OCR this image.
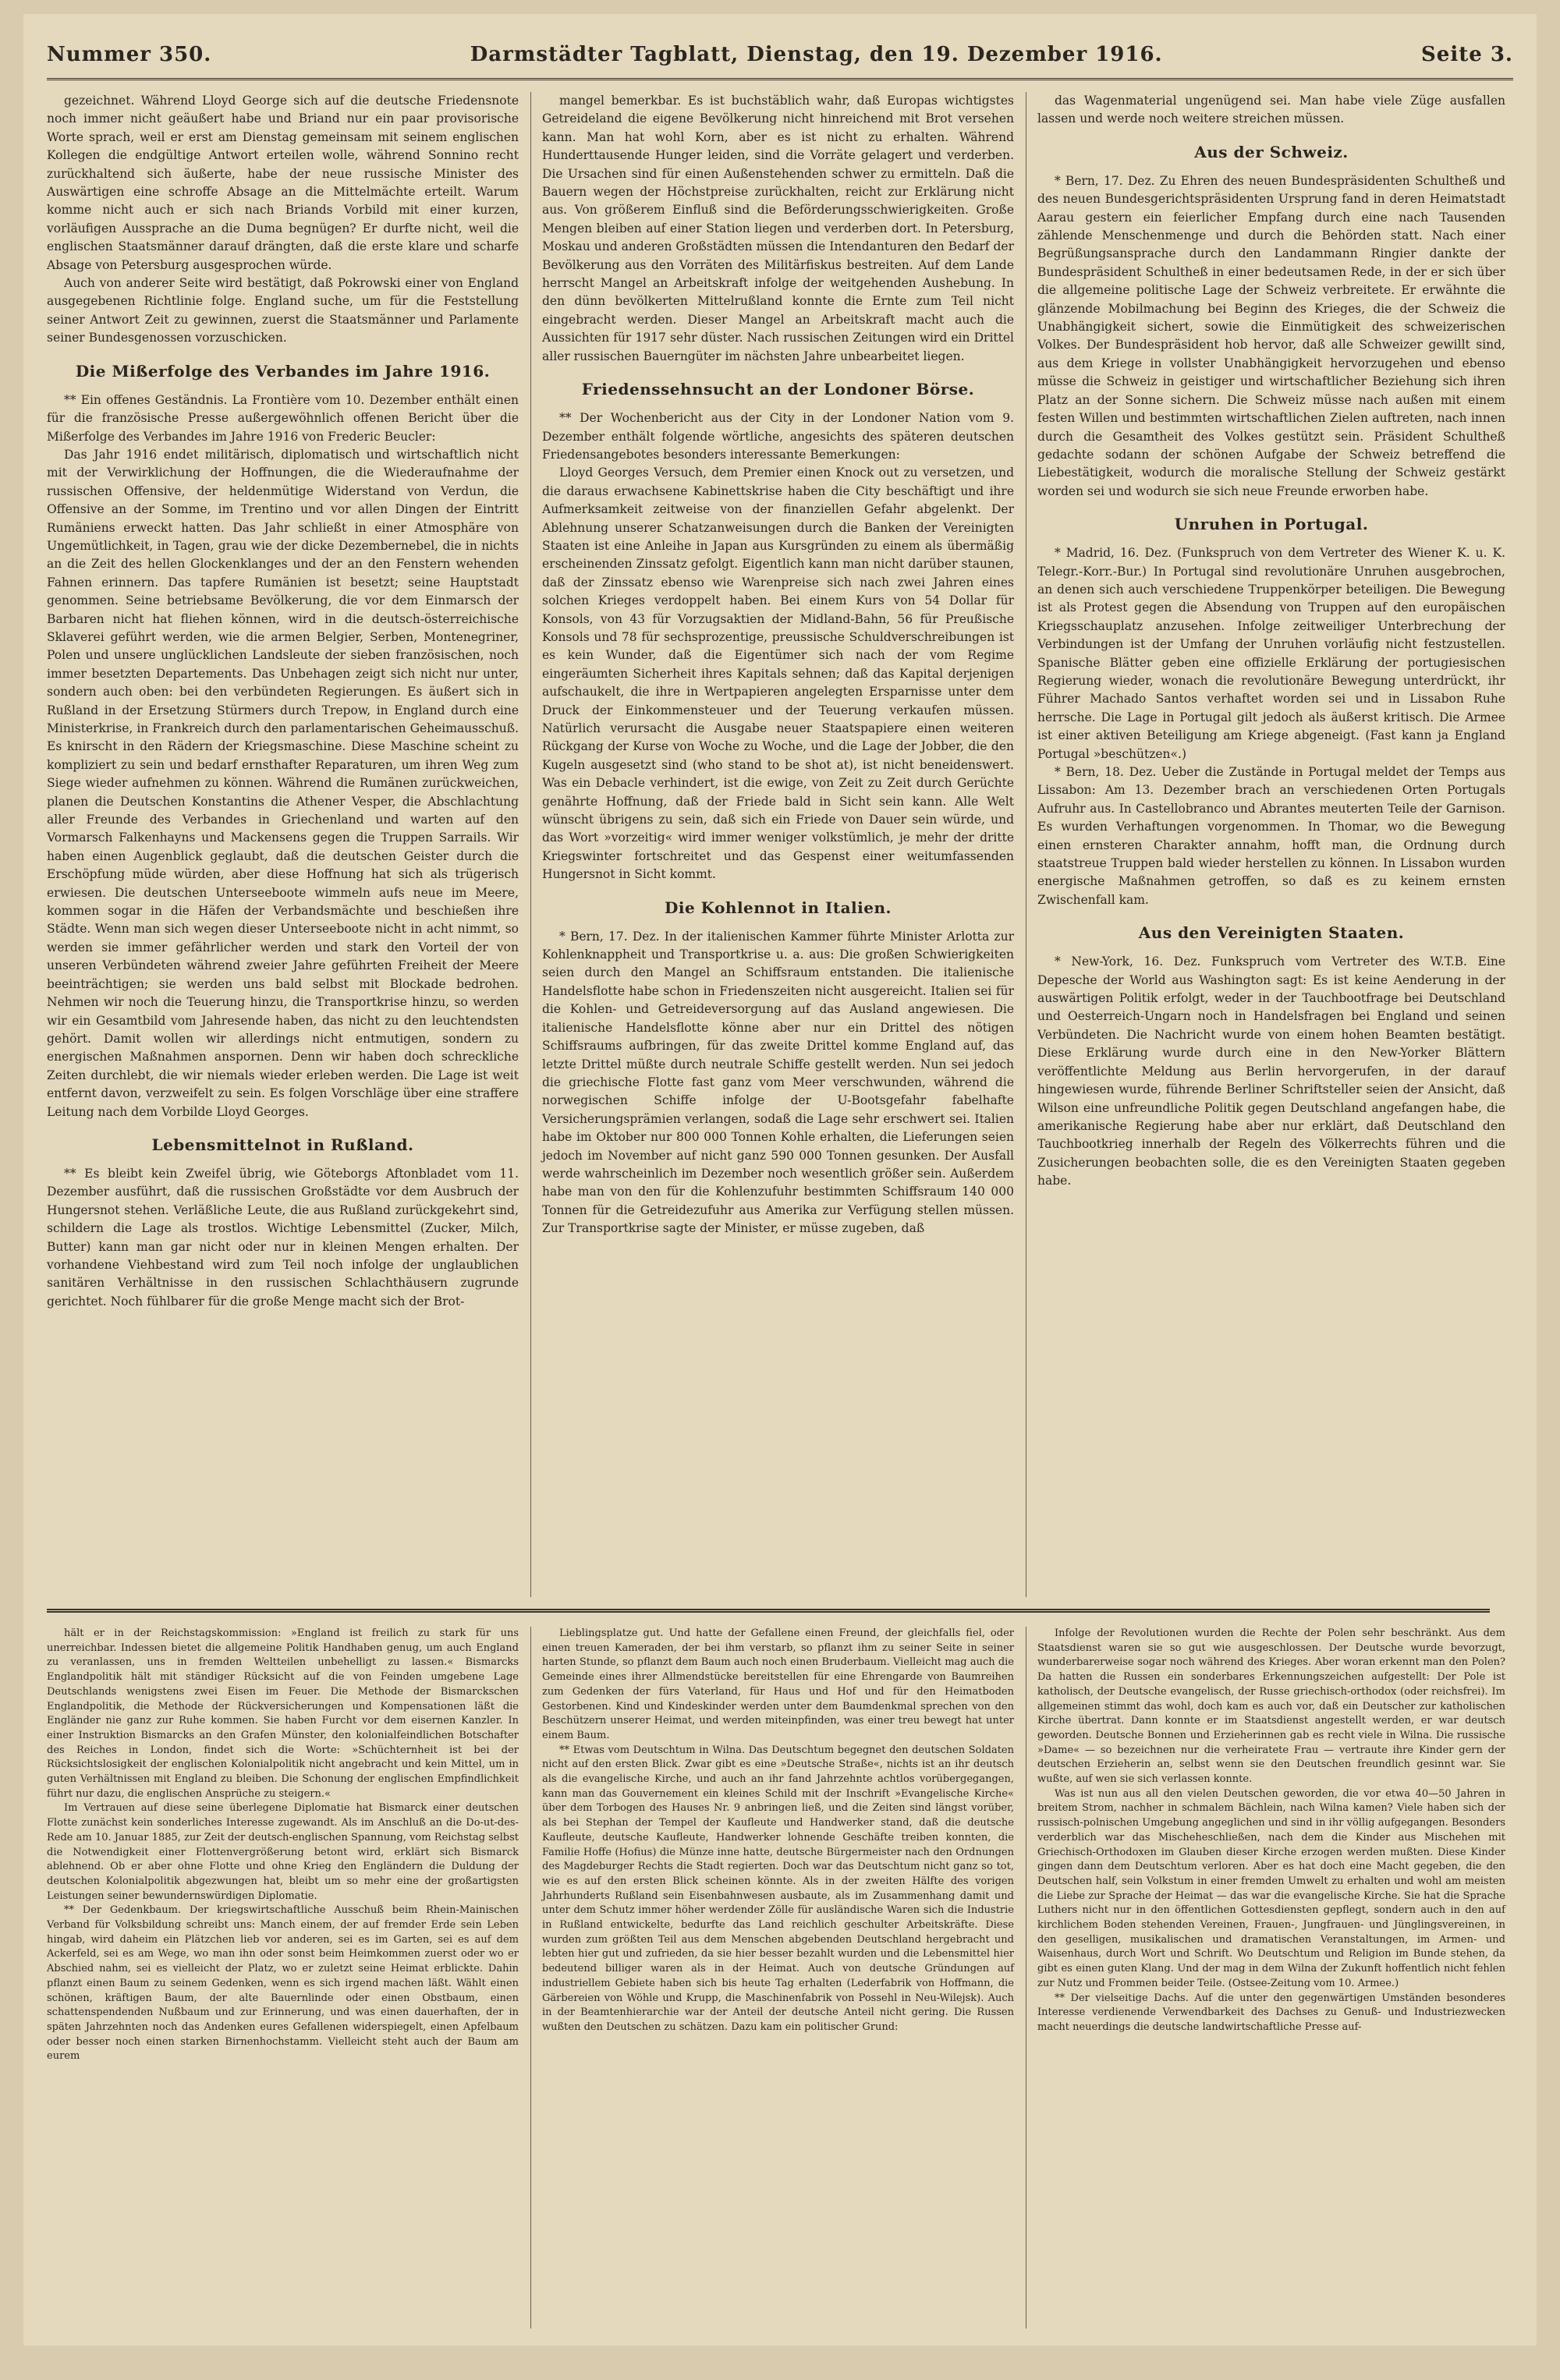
Nummer 350.	Darmstädter Tagblatt, Dienstag, den 19. Dezember 1916.	Seite 3.

gezeichnet. Während Lloyd George sich auf die deutsche Friedensnote noch immer nicht geäußert habe und Briand nur ein paar provisorische Worte sprach, weil er erst am Dienstag gemeinsam mit seinem englischen Kollegen die endgültige Antwort erteilen wolle, während Sonnino recht zurückhaltend sich äußerte, habe der neue russische Minister des Auswärtigen eine schroffe Absage an die Mittelmächte erteilt. Warum komme nicht auch er sich nach Briands Vorbild mit einer kurzen, vorläufigen Aussprache an die Duma begnügen? Er durfte nicht, weil die englischen Staatsmänner darauf drängten, daß die erste klare und scharfe Absage von Petersburg ausgesprochen würde.

Auch von anderer Seite wird bestätigt, daß Pokrowski einer von England ausgegebenen Richtlinie folge. England suche, um für die Feststellung seiner Antwort Zeit zu gewinnen, zuerst die Staatsmänner und Parlamente seiner Bundesgenossen vorzuschicken.

Die Mißerfolge des Verbandes im Jahre 1916.

** Ein offenes Geständnis. La Frontière vom 10. Dezember enthält einen für die französische Presse außergewöhnlich offenen Bericht über die Mißerfolge des Verbandes im Jahre 1916 von Frederic Beucler:

Das Jahr 1916 endet militärisch, diplomatisch und wirtschaftlich nicht mit der Verwirklichung der Hoffnungen, die die Wiederaufnahme der russischen Offensive, der heldenmütige Widerstand von Verdun, die Offensive an der Somme, im Trentino und vor allen Dingen der Eintritt Rumäniens erweckt hatten. Das Jahr schließt in einer Atmosphäre von Ungemütlichkeit, in Tagen, grau wie der dicke Dezembernebel, die in nichts an die Zeit des hellen Glockenklanges und der an den Fenstern wehenden Fahnen erinnern. Das tapfere Rumänien ist besetzt; seine Hauptstadt genommen. Seine betriebsame Bevölkerung, die vor dem Einmarsch der Barbaren nicht hat fliehen können, wird in die deutsch-österreichische Sklaverei geführt werden, wie die armen Belgier, Serben, Montenegriner, Polen und unsere unglücklichen Landsleute der sieben französischen, noch immer besetzten Departements. Das Unbehagen zeigt sich nicht nur unter, sondern auch oben: bei den verbündeten Regierungen. Es äußert sich in Rußland in der Ersetzung Stürmers durch Trepow, in England durch eine Ministerkrise, in Frankreich durch den parlamentarischen Geheimausschuß. Es knirscht in den Rädern der Kriegsmaschine. Diese Maschine scheint zu kompliziert zu sein und bedarf ernsthafter Reparaturen, um ihren Weg zum Siege wieder aufnehmen zu können. Während die Rumänen zurückweichen, planen die Deutschen Konstantins die Athener Vesper, die Abschlachtung aller Freunde des Verbandes in Griechenland und warten auf den Vormarsch Falkenhayns und Mackensens gegen die Truppen Sarrails. Wir haben einen Augenblick geglaubt, daß die deutschen Geister durch die Erschöpfung müde würden, aber diese Hoffnung hat sich als trügerisch erwiesen. Die deutschen Unterseeboote wimmeln aufs neue im Meere, kommen sogar in die Häfen der Verbandsmächte und beschießen ihre Städte. Wenn man sich wegen dieser Unterseeboote nicht in acht nimmt, so werden sie immer gefährlicher werden und stark den Vorteil der von unseren Verbündeten während zweier Jahre geführten Freiheit der Meere beeinträchtigen; sie werden uns bald selbst mit Blockade bedrohen. Nehmen wir noch die Teuerung hinzu, die Transportkrise hinzu, so werden wir ein Gesamtbild vom Jahresende haben, das nicht zu den leuchtendsten gehört. Damit wollen wir allerdings nicht entmutigen, sondern zu energischen Maßnahmen anspornen. Denn wir haben doch schreckliche Zeiten durchlebt, die wir niemals wieder erleben werden. Die Lage ist weit entfernt davon, verzweifelt zu sein. Es folgen Vorschläge über eine straffere Leitung nach dem Vorbilde Lloyd Georges.

Lebensmittelnot in Rußland.

** Es bleibt kein Zweifel übrig, wie Göteborgs Aftonbladet vom 11. Dezember ausführt, daß die russischen Großstädte vor dem Ausbruch der Hungersnot stehen. Verläßliche Leute, die aus Rußland zurückgekehrt sind, schildern die Lage als trostlos. Wichtige Lebensmittel (Zucker, Milch, Butter) kann man gar nicht oder nur in kleinen Mengen erhalten. Der vorhandene Viehbestand wird zum Teil noch infolge der unglaublichen sanitären Verhältnisse in den russischen Schlachthäusern zugrunde gerichtet. Noch fühlbarer für die große Menge macht sich der Brot-

mangel bemerkbar. Es ist buchstäblich wahr, daß Europas wichtigstes Getreideland die eigene Bevölkerung nicht hinreichend mit Brot versehen kann. Man hat wohl Korn, aber es ist nicht zu erhalten. Während Hunderttausende Hunger leiden, sind die Vorräte gelagert und verderben. Die Ursachen sind für einen Außenstehenden schwer zu ermitteln. Daß die Bauern wegen der Höchstpreise zurückhalten, reicht zur Erklärung nicht aus. Von größerem Einfluß sind die Beförderungsschwierigkeiten. Große Mengen bleiben auf einer Station liegen und verderben dort. In Petersburg, Moskau und anderen Großstädten müssen die Intendanturen den Bedarf der Bevölkerung aus den Vorräten des Militärfiskus bestreiten. Auf dem Lande herrscht Mangel an Arbeitskraft infolge der weitgehenden Aushebung. In den dünn bevölkerten Mittelrußland konnte die Ernte zum Teil nicht eingebracht werden. Dieser Mangel an Arbeitskraft macht auch die Aussichten für 1917 sehr düster. Nach russischen Zeitungen wird ein Drittel aller russischen Bauerngüter im nächsten Jahre unbearbeitet liegen.

Friedenssehnsucht an der Londoner Börse.

** Der Wochenbericht aus der City in der Londoner Nation vom 9. Dezember enthält folgende wörtliche, angesichts des späteren deutschen Friedensangebotes besonders interessante Bemerkungen:

Lloyd Georges Versuch, dem Premier einen Knock out zu versetzen, und die daraus erwachsene Kabinettskrise haben die City beschäftigt und ihre Aufmerksamkeit zeitweise von der finanziellen Gefahr abgelenkt. Der Ablehnung unserer Schatzanweisungen durch die Banken der Vereinigten Staaten ist eine Anleihe in Japan aus Kursgründen zu einem als übermäßig erscheinenden Zinssatz gefolgt. Eigentlich kann man nicht darüber staunen, daß der Zinssatz ebenso wie Warenpreise sich nach zwei Jahren eines solchen Krieges verdoppelt haben. Bei einem Kurs von 54 Dollar für Konsols, von 43 für Vorzugsaktien der Midland-Bahn, 56 für Preußische Konsols und 78 für sechsprozentige, preussische Schuldverschreibungen ist es kein Wunder, daß die Eigentümer sich nach der vom Regime eingeräumten Sicherheit ihres Kapitals sehnen; daß das Kapital derjenigen aufschaukelt, die ihre in Wertpapieren angelegten Ersparnisse unter dem Druck der Einkommensteuer und der Teuerung verkaufen müssen. Natürlich verursacht die Ausgabe neuer Staatspapiere einen weiteren Rückgang der Kurse von Woche zu Woche, und die Lage der Jobber, die den Kugeln ausgesetzt sind (who stand to be shot at), ist nicht beneidenswert. Was ein Debacle verhindert, ist die ewige, von Zeit zu Zeit durch Gerüchte genährte Hoffnung, daß der Friede bald in Sicht sein kann. Alle Welt wünscht übrigens zu sein, daß sich ein Friede von Dauer sein würde, und das Wort »vorzeitig« wird immer weniger volkstümlich, je mehr der dritte Kriegswinter fortschreitet und das Gespenst einer weitumfassenden Hungersnot in Sicht kommt.

Die Kohlennot in Italien.

* Bern, 17. Dez. In der italienischen Kammer führte Minister Arlotta zur Kohlenknappheit und Transportkrise u. a. aus: Die großen Schwierigkeiten seien durch den Mangel an Schiffsraum entstanden. Die italienische Handelsflotte habe schon in Friedenszeiten nicht ausgereicht. Italien sei für die Kohlen- und Getreideversorgung auf das Ausland angewiesen. Die italienische Handelsflotte könne aber nur ein Drittel des nötigen Schiffsraums aufbringen, für das zweite Drittel komme England auf, das letzte Drittel müßte durch neutrale Schiffe gestellt werden. Nun sei jedoch die griechische Flotte fast ganz vom Meer verschwunden, während die norwegischen Schiffe infolge der U-Bootsgefahr fabelhafte Versicherungsprämien verlangen, sodaß die Lage sehr erschwert sei. Italien habe im Oktober nur 800 000 Tonnen Kohle erhalten, die Lieferungen seien jedoch im November auf nicht ganz 590 000 Tonnen gesunken. Der Ausfall werde wahrscheinlich im Dezember noch wesentlich größer sein. Außerdem habe man von den für die Kohlenzufuhr bestimmten Schiffsraum 140 000 Tonnen für die Getreidezufuhr aus Amerika zur Verfügung stellen müssen. Zur Transportkrise sagte der Minister, er müsse zugeben, daß

das Wagenmaterial ungenügend sei. Man habe viele Züge ausfallen lassen und werde noch weitere streichen müssen.

Aus der Schweiz.

* Bern, 17. Dez. Zu Ehren des neuen Bundespräsidenten Schultheß und des neuen Bundesgerichtspräsidenten Ursprung fand in deren Heimatstadt Aarau gestern ein feierlicher Empfang durch eine nach Tausenden zählende Menschenmenge und durch die Behörden statt. Nach einer Begrüßungsansprache durch den Landammann Ringier dankte der Bundespräsident Schultheß in einer bedeutsamen Rede, in der er sich über die allgemeine politische Lage der Schweiz verbreitete. Er erwähnte die glänzende Mobilmachung bei Beginn des Krieges, die der Schweiz die Unabhängigkeit sichert, sowie die Einmütigkeit des schweizerischen Volkes. Der Bundespräsident hob hervor, daß alle Schweizer gewillt sind, aus dem Kriege in vollster Unabhängigkeit hervorzugehen und ebenso müsse die Schweiz in geistiger und wirtschaftlicher Beziehung sich ihren Platz an der Sonne sichern. Die Schweiz müsse nach außen mit einem festen Willen und bestimmten wirtschaftlichen Zielen auftreten, nach innen durch die Gesamtheit des Volkes gestützt sein. Präsident Schultheß gedachte sodann der schönen Aufgabe der Schweiz betreffend die Liebestätigkeit, wodurch die moralische Stellung der Schweiz gestärkt worden sei und wodurch sie sich neue Freunde erworben habe.

Unruhen in Portugal.

* Madrid, 16. Dez. (Funkspruch von dem Vertreter des Wiener K. u. K. Telegr.-Korr.-Bur.) In Portugal sind revolutionäre Unruhen ausgebrochen, an denen sich auch verschiedene Truppenkörper beteiligen. Die Bewegung ist als Protest gegen die Absendung von Truppen auf den europäischen Kriegsschauplatz anzusehen. Infolge zeitweiliger Unterbrechung der Verbindungen ist der Umfang der Unruhen vorläufig nicht festzustellen. Spanische Blätter geben eine offizielle Erklärung der portugiesischen Regierung wieder, wonach die revolutionäre Bewegung unterdrückt, ihr Führer Machado Santos verhaftet worden sei und in Lissabon Ruhe herrsche. Die Lage in Portugal gilt jedoch als äußerst kritisch. Die Armee ist einer aktiven Beteiligung am Kriege abgeneigt. (Fast kann ja England Portugal »beschützen«.)

* Bern, 18. Dez. Ueber die Zustände in Portugal meldet der Temps aus Lissabon: Am 13. Dezember brach an verschiedenen Orten Portugals Aufruhr aus. In Castellobranco und Abrantes meuterten Teile der Garnison. Es wurden Verhaftungen vorgenommen. In Thomar, wo die Bewegung einen ernsteren Charakter annahm, hofft man, die Ordnung durch staatstreue Truppen bald wieder herstellen zu können. In Lissabon wurden energische Maßnahmen getroffen, so daß es zu keinem ernsten Zwischenfall kam.

Aus den Vereinigten Staaten.

* New-York, 16. Dez. Funkspruch vom Vertreter des W.T.B. Eine Depesche der World aus Washington sagt: Es ist keine Aenderung in der auswärtigen Politik erfolgt, weder in der Tauchbootfrage bei Deutschland und Oesterreich-Ungarn noch in Handelsfragen bei England und seinen Verbündeten. Die Nachricht wurde von einem hohen Beamten bestätigt. Diese Erklärung wurde durch eine in den New-Yorker Blättern veröffentlichte Meldung aus Berlin hervorgerufen, in der darauf hingewiesen wurde, führende Berliner Schriftsteller seien der Ansicht, daß Wilson eine unfreundliche Politik gegen Deutschland angefangen habe, die amerikanische Regierung habe aber nur erklärt, daß Deutschland den Tauchbootkrieg innerhalb der Regeln des Völkerrechts führen und die Zusicherungen beobachten solle, die es den Vereinigten Staaten gegeben habe.

hält er in der Reichstagskommission: »England ist freilich zu stark für uns unerreichbar. Indessen bietet die allgemeine Politik Handhaben genug, um auch England zu veranlassen, uns in fremden Weltteilen unbehelligt zu lassen.« Bismarcks Englandpolitik hält mit ständiger Rücksicht auf die von Feinden umgebene Lage Deutschlands wenigstens zwei Eisen im Feuer. Die Methode der Bismarckschen Englandpolitik, die Methode der Rückversicherungen und Kompensationen läßt die Engländer nie ganz zur Ruhe kommen. Sie haben Furcht vor dem eisernen Kanzler. In einer Instruktion Bismarcks an den Grafen Münster, den kolonialfeindlichen Botschafter des Reiches in London, findet sich die Worte: »Schüchternheit ist bei der Rücksichtslosigkeit der englischen Kolonialpolitik nicht angebracht und kein Mittel, um in guten Verhältnissen mit England zu bleiben. Die Schonung der englischen Empfindlichkeit führt nur dazu, die englischen Ansprüche zu steigern.«

Im Vertrauen auf diese seine überlegene Diplomatie hat Bismarck einer deutschen Flotte zunächst kein sonderliches Interesse zugewandt. Als im Anschluß an die Do-ut-des-Rede am 10. Januar 1885, zur Zeit der deutsch-englischen Spannung, vom Reichstag selbst die Notwendigkeit einer Flottenvergrößerung betont wird, erklärt sich Bismarck ablehnend. Ob er aber ohne Flotte und ohne Krieg den Engländern die Duldung der deutschen Kolonialpolitik abgezwungen hat, bleibt um so mehr eine der großartigsten Leistungen seiner bewundernswürdigen Diplomatie.

** Der Gedenkbaum. Der kriegswirtschaftliche Ausschuß beim Rhein-Mainischen Verband für Volksbildung schreibt uns: Manch einem, der auf fremder Erde sein Leben hingab, wird daheim ein Plätzchen lieb vor anderen, sei es im Garten, sei es auf dem Ackerfeld, sei es am Wege, wo man ihn oder sonst beim Heimkommen zuerst oder wo er Abschied nahm, sei es vielleicht der Platz, wo er zuletzt seine Heimat erblickte. Dahin pflanzt einen Baum zu seinem Gedenken, wenn es sich irgend machen läßt. Wählt einen schönen, kräftigen Baum, der alte Bauernlinde oder einen Obstbaum, einen schattenspendenden Nußbaum und zur Erinnerung, und was einen dauerhaften, der in späten Jahrzehnten noch das Andenken eures Gefallenen widerspiegelt, einen Apfelbaum oder besser noch einen starken Birnenhochstamm. Vielleicht steht auch der Baum am eurem

Lieblingsplatze gut. Und hatte der Gefallene einen Freund, der gleichfalls fiel, oder einen treuen Kameraden, der bei ihm verstarb, so pflanzt ihm zu seiner Seite in seiner harten Stunde, so pflanzt dem Baum auch noch einen Bruderbaum. Vielleicht mag auch die Gemeinde eines ihrer Allmendstücke bereitstellen für eine Ehrengarde von Baumreihen zum Gedenken der fürs Vaterland, für Haus und Hof und für den Heimatboden Gestorbenen. Kind und Kindeskinder werden unter dem Baumdenkmal sprechen von den Beschützern unserer Heimat, und werden miteinpfinden, was einer treu bewegt hat unter einem Baum.

** Etwas vom Deutschtum in Wilna. Das Deutschtum begegnet den deutschen Soldaten nicht auf den ersten Blick. Zwar gibt es eine »Deutsche Straße«, nichts ist an ihr deutsch als die evangelische Kirche, und auch an ihr fand Jahrzehnte achtlos vorübergegangen, kann man das Gouvernement ein kleines Schild mit der Inschrift »Evangelische Kirche« über dem Torbogen des Hauses Nr. 9 anbringen ließ, und die Zeiten sind längst vorüber, als bei Stephan der Tempel der Kaufleute und Handwerker stand, daß die deutsche Kaufleute, deutsche Kaufleute, Handwerker lohnende Geschäfte treiben konnten, die Familie Hoffe (Hofius) die Münze inne hatte, deutsche Bürgermeister nach den Ordnungen des Magdeburger Rechts die Stadt regierten. Doch war das Deutschtum nicht ganz so tot, wie es auf den ersten Blick scheinen könnte. Als in der zweiten Hälfte des vorigen Jahrhunderts Rußland sein Eisenbahnwesen ausbaute, als im Zusammenhang damit und unter dem Schutz immer höher werdender Zölle für ausländische Waren sich die Industrie in Rußland entwickelte, bedurfte das Land reichlich geschulter Arbeitskräfte. Diese wurden zum größten Teil aus dem Menschen abgebenden Deutschland hergebracht und lebten hier gut und zufrieden, da sie hier besser bezahlt wurden und die Lebensmittel hier bedeutend billiger waren als in der Heimat. Auch von deutsche Gründungen auf industriellem Gebiete haben sich bis heute Tag erhalten (Lederfabrik von Hoffmann, die Gärbereien von Wöhle und Krupp, die Maschinenfabrik von Possehl in Neu-Wilejsk). Auch in der Beamtenhierarchie war der Anteil der deutsche Anteil nicht gering. Die Russen wußten den Deutschen zu schätzen. Dazu kam ein politischer Grund:

Infolge der Revolutionen wurden die Rechte der Polen sehr beschränkt. Aus dem Staatsdienst waren sie so gut wie ausgeschlossen. Der Deutsche wurde bevorzugt, wunderbarerweise sogar noch während des Krieges. Aber woran erkennt man den Polen? Da hatten die Russen ein sonderbares Erkennungszeichen aufgestellt: Der Pole ist katholisch, der Deutsche evangelisch, der Russe griechisch-orthodox (oder reichsfrei). Im allgemeinen stimmt das wohl, doch kam es auch vor, daß ein Deutscher zur katholischen Kirche übertrat. Dann konnte er im Staatsdienst angestellt werden, er war deutsch geworden. Deutsche Bonnen und Erzieherinnen gab es recht viele in Wilna. Die russische »Dame« — so bezeichnen nur die verheiratete Frau — vertraute ihre Kinder gern der deutschen Erzieherin an, selbst wenn sie den Deutschen freundlich gesinnt war. Sie wußte, auf wen sie sich verlassen konnte.

Was ist nun aus all den vielen Deutschen geworden, die vor etwa 40—50 Jahren in breitem Strom, nachher in schmalem Bächlein, nach Wilna kamen? Viele haben sich der russisch-polnischen Umgebung angeglichen und sind in ihr völlig aufgegangen. Besonders verderblich war das Mischeheschließen, nach dem die Kinder aus Mischehen mit Griechisch-Orthodoxen im Glauben dieser Kirche erzogen werden mußten. Diese Kinder gingen dann dem Deutschtum verloren. Aber es hat doch eine Macht gegeben, die den Deutschen half, sein Volkstum in einer fremden Umwelt zu erhalten und wohl am meisten die Liebe zur Sprache der Heimat — das war die evangelische Kirche. Sie hat die Sprache Luthers nicht nur in den öffentlichen Gottesdiensten gepflegt, sondern auch in den auf kirchlichem Boden stehenden Vereinen, Frauen-, Jungfrauen- und Jünglingsvereinen, in den geselligen, musikalischen und dramatischen Veranstaltungen, im Armen- und Waisenhaus, durch Wort und Schrift. Wo Deutschtum und Religion im Bunde stehen, da gibt es einen guten Klang. Und der mag in dem Wilna der Zukunft hoffentlich nicht fehlen zur Nutz und Frommen beider Teile. (Ostsee-Zeitung vom 10. Armee.)

** Der vielseitige Dachs. Auf die unter den gegenwärtigen Umständen besonderes Interesse verdienende Verwendbarkeit des Dachses zu Genuß- und Industriezwecken macht neuerdings die deutsche landwirtschaftliche Presse auf-
